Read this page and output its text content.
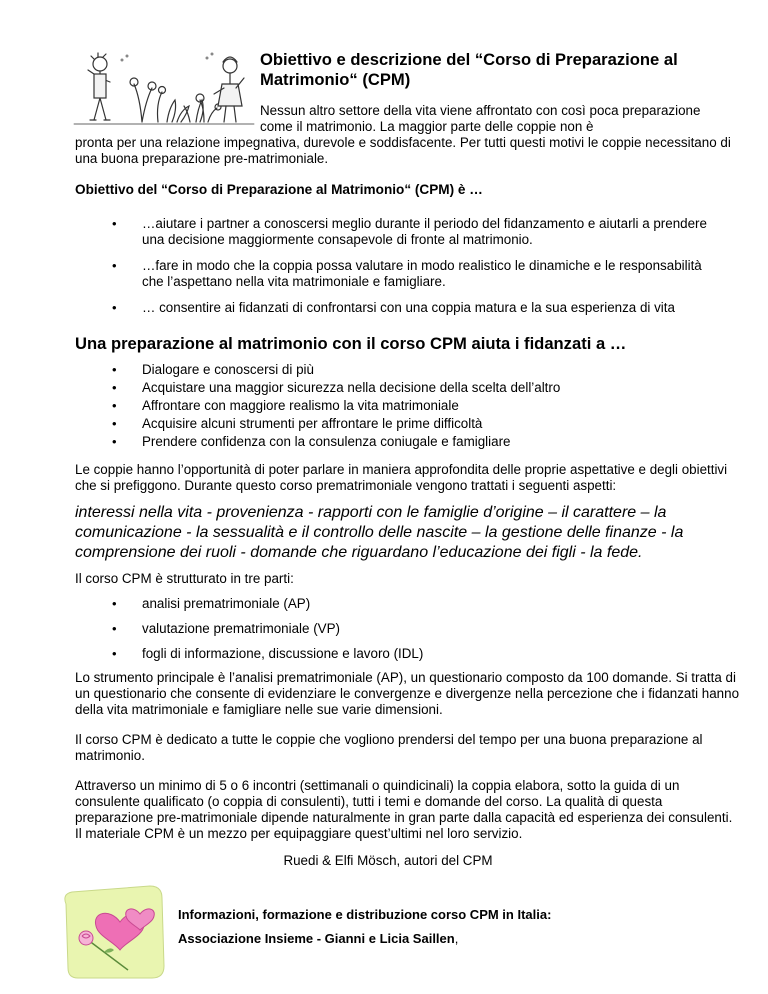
Obiettivo e descrizione del “Corso di Preparazione al Matrimonio“ (CPM)
Nessun altro settore della vita viene affrontato con così poca preparazione come il matrimonio. La maggior parte delle coppie non è
pronta per una relazione impegnativa, durevole e soddisfacente. Per tutti questi motivi le coppie necessitano di una buona preparazione pre-matrimoniale.
Obiettivo del “Corso di Preparazione al Matrimonio“ (CPM) è …
• …aiutare i partner a conoscersi meglio durante il periodo del fidanzamento e aiutarli a prendere una decisione maggiormente consapevole di fronte al matrimonio.
• …fare in modo che la coppia possa valutare in modo realistico le dinamiche e le responsabilità che l’aspettano nella vita matrimoniale e famigliare.
• … consentire ai fidanzati di confrontarsi con una coppia matura e la sua esperienza di vita
Una preparazione al matrimonio con il corso CPM aiuta i fidanzati a …
• Dialogare e conoscersi di più
• Acquistare una maggior sicurezza nella decisione della scelta dell’altro
• Affrontare con maggiore realismo la vita matrimoniale
• Acquisire alcuni strumenti per affrontare le prime difficoltà
• Prendere confidenza con la consulenza coniugale e famigliare
Le coppie hanno l’opportunità di poter parlare in maniera approfondita delle proprie aspettative e degli obiettivi che si prefiggono. Durante questo corso prematrimoniale vengono trattati i seguenti aspetti:
interessi nella vita - provenienza - rapporti con le famiglie d’origine – il carattere – la comunicazione - la sessualità e il controllo delle nascite – la gestione delle finanze - la comprensione dei ruoli - domande che riguardano l’educazione dei figli - la fede.
Il corso CPM è strutturato in tre parti:
• analisi prematrimoniale (AP)
• valutazione prematrimoniale (VP)
• fogli di informazione, discussione e lavoro (IDL)
Lo strumento principale è l’analisi prematrimoniale (AP), un questionario composto da 100 domande. Si tratta di un questionario che consente di evidenziare le convergenze e divergenze nella percezione che i fidanzati hanno della vita matrimoniale e famigliare nelle sue varie dimensioni.
Il corso CPM è dedicato a tutte le coppie che vogliono prendersi del tempo per una buona preparazione al matrimonio.
Attraverso un minimo di 5 o 6 incontri (settimanali o quindicinali) la coppia elabora, sotto la guida di un consulente qualificato (o coppia di consulenti), tutti i temi e domande del corso. La qualità di questa preparazione pre-matrimoniale dipende naturalmente in gran parte dalla capacità ed esperienza dei consulenti. Il materiale CPM è un mezzo per equipaggiare quest’ultimi nel loro servizio.
Ruedi & Elfi Mösch, autori del CPM
Informazioni, formazione e distribuzione corso CPM in Italia:
Associazione Insieme - Gianni e Licia Saillen,
